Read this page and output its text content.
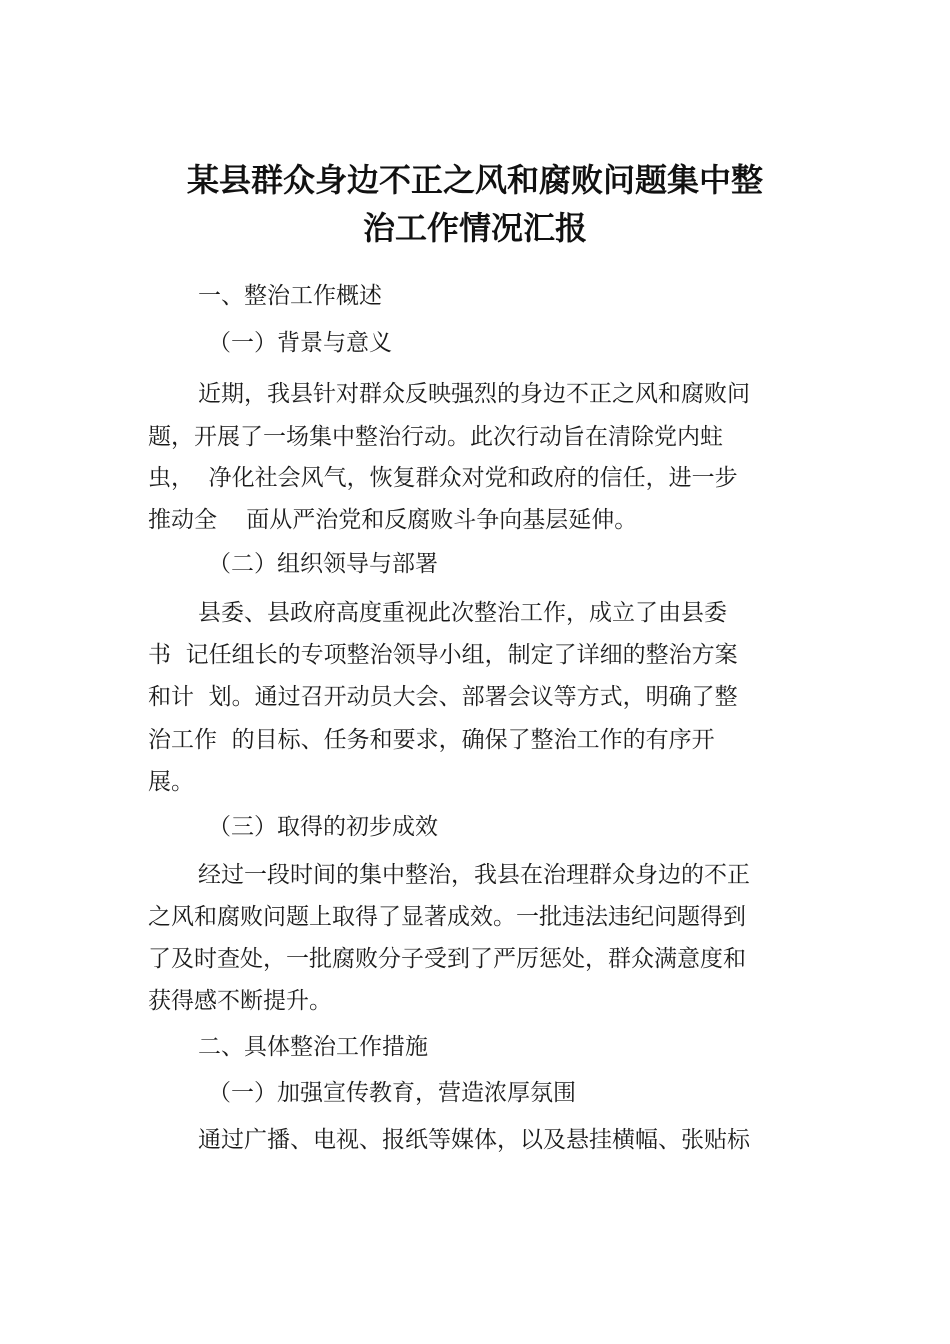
某县群众身边不正之风和腐败问题集中整
治工作情况汇报
一、整治工作概述
（一）背景与意义
近期，我县针对群众反映强烈的身边不正之风和腐败问
题，开展了一场集中整治行动。此次行动旨在清除党内蛀
虫，  净化社会风气，恢复群众对党和政府的信任，进一步
推动全    面从严治党和反腐败斗争向基层延伸。
（二）组织领导与部署
县委、县政府高度重视此次整治工作，成立了由县委
书  记任组长的专项整治领导小组，制定了详细的整治方案
和计  划。通过召开动员大会、部署会议等方式，明确了整
治工作  的目标、任务和要求，确保了整治工作的有序开
展。
（三）取得的初步成效
经过一段时间的集中整治，我县在治理群众身边的不正
之风和腐败问题上取得了显著成效。一批违法违纪问题得到
了及时查处，一批腐败分子受到了严厉惩处，群众满意度和
获得感不断提升。
二、具体整治工作措施
（一）加强宣传教育，营造浓厚氛围
通过广播、电视、报纸等媒体，以及悬挂横幅、张贴标
